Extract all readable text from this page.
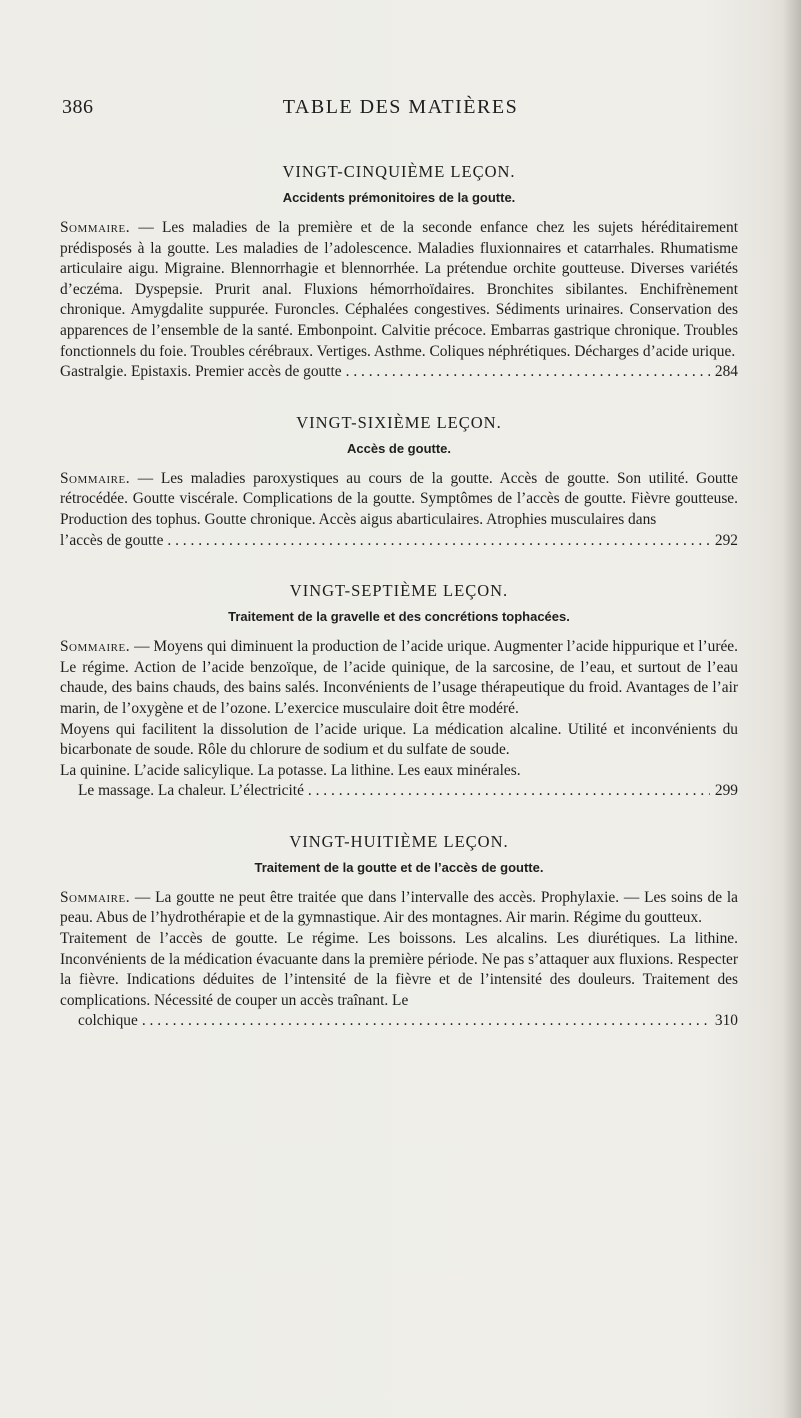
386	TABLE DES MATIÈRES
VINGT-CINQUIÈME LEÇON.
Accidents prémonitoires de la goutte.

Sommaire. — Les maladies de la première et de la seconde enfance chez les sujets héréditairement prédisposés à la goutte. Les maladies de l’adolescence. Maladies fluxionnaires et catarrhales. Rhumatisme articulaire aigu. Migraine. Blennorrhagie et blennorrhée. La prétendue orchite goutteuse. Diverses variétés d’eczéma. Dyspepsie. Prurit anal. Fluxions hémorrhoïdaires. Bronchites sibilantes. Enchifrènement chronique. Amygdalite suppurée. Furoncles. Céphalées congestives. Sédiments urinaires. Conservation des apparences de l’ensemble de la santé. Embonpoint. Calvitie précoce. Embarras gastrique chronique. Troubles fonctionnels du foie. Troubles cérébraux. Vertiges. Asthme. Coliques néphrétiques. Décharges d’acide urique.

Gastralgie. Epistaxis. Premier accès de goutte . . .	284
VINGT-SIXIÈME LEÇON.
Accès de goutte.

Sommaire. — Les maladies paroxystiques au cours de la goutte. Accès de goutte. Son utilité. Goutte rétrocédée. Goutte viscérale. Complications de la goutte. Symptômes de l’accès de goutte. Fièvre goutteuse. Production des tophus. Goutte chronique. Accès aigus abarticulaires. Atrophies musculaires dans

l’accès de goutte . . .	292
VINGT-SEPTIÈME LEÇON.
Traitement de la gravelle et des concrétions tophacées.

Sommaire. — Moyens qui diminuent la production de l’acide urique. Augmenter l’acide hippurique et l’urée. Le régime. Action de l’acide benzoïque, de l’acide quinique, de la sarcosine, de l’eau, et surtout de l’eau chaude, des bains chauds, des bains salés. Inconvénients de l’usage thérapeutique du froid. Avantages de l’air marin, de l’oxygène et de l’ozone. L’exercice musculaire doit être modéré.

Moyens qui facilitent la dissolution de l’acide urique. La médication alcaline. Utilité et inconvénients du bicarbonate de soude. Rôle du chlorure de sodium et du sulfate de soude.

La quinine. L’acide salicylique. La potasse. La lithine. Les eaux minérales.

Le massage. La chaleur. L’électricité . . .	299
VINGT-HUITIÈME LEÇON.
Traitement de la goutte et de l’accès de goutte.

Sommaire. — La goutte ne peut être traitée que dans l’intervalle des accès. Prophylaxie. — Les soins de la peau. Abus de l’hydrothérapie et de la gymnastique. Air des montagnes. Air marin. Régime du goutteux.

Traitement de l’accès de goutte. Le régime. Les boissons. Les alcalins. Les diurétiques. La lithine. Inconvénients de la médication évacuante dans la première période. Ne pas s’attaquer aux fluxions. Respecter la fièvre. Indications déduites de l’intensité de la fièvre et de l’intensité des douleurs. Traitement des complications. Nécessité de couper un accès traînant. Le

colchique . . .	310
